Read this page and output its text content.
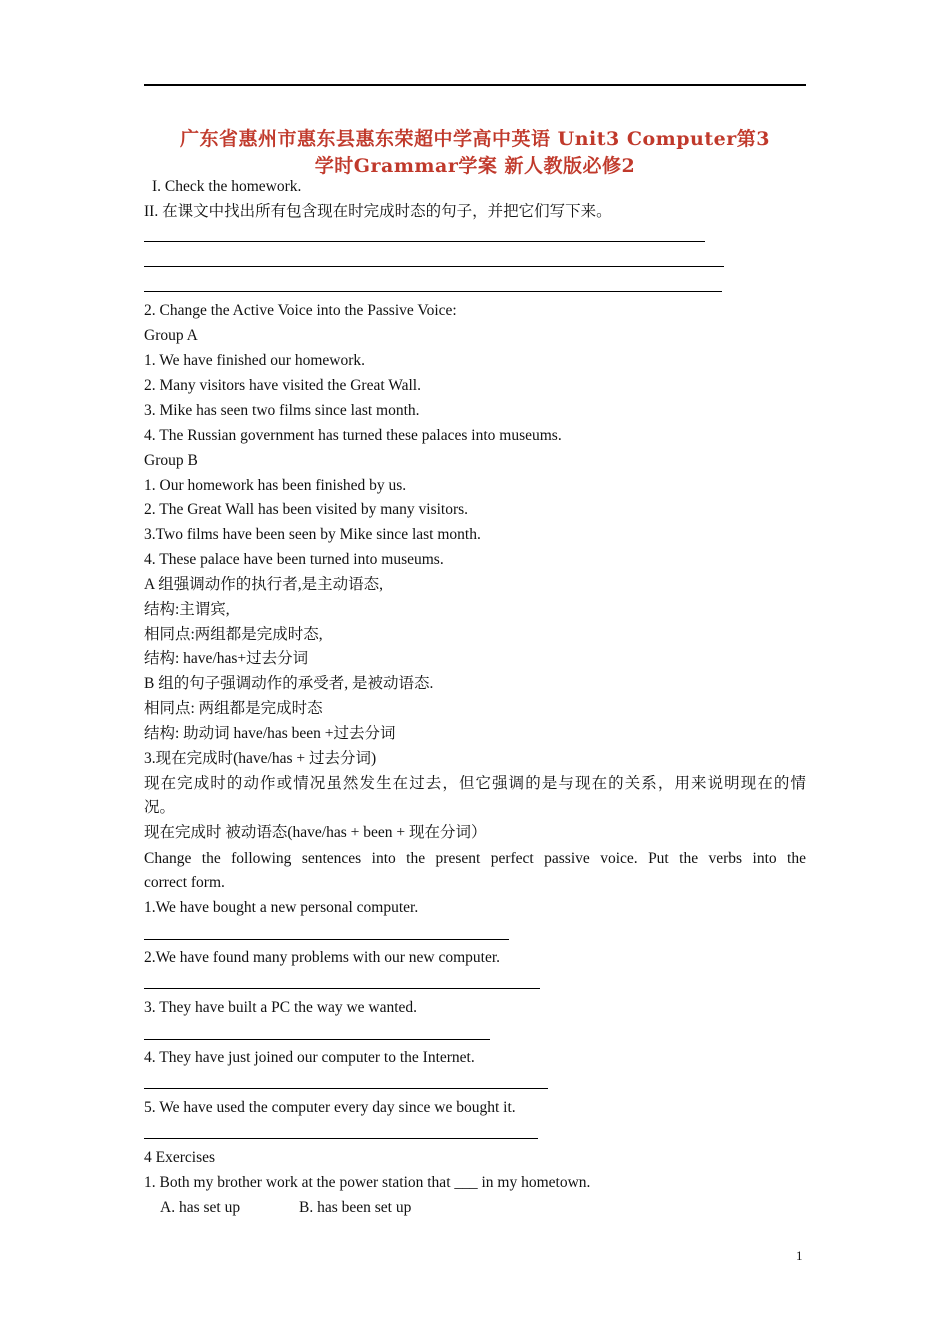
广东省惠州市惠东县惠东荣超中学高中英语 Unit3 Computer第3
学时Grammar学案 新人教版必修2
I. Check the homework.
II. 在课文中找出所有包含现在时完成时态的句子，并把它们写下来。
2. Change the Active Voice into the Passive Voice:
Group A
1. We have finished our homework.
2. Many visitors have visited the Great Wall.
3. Mike has seen two films since last month.
4. The Russian government has turned these palaces into museums.
Group B
1. Our homework has been finished by us.
2. The Great Wall has been visited by many visitors.
3.Two films have been seen by Mike since last month.
4. These palace have been turned into museums.
A 组强调动作的执行者,是主动语态,
结构:主谓宾,
相同点:两组都是完成时态,
结构: have/has+过去分词
B 组的句子强调动作的承受者, 是被动语态.
相同点: 两组都是完成时态
结构: 助动词 have/has been +过去分词
3.现在完成时(have/has + 过去分词)
现在完成时的动作或情况虽然发生在过去，但它强调的是与现在的关系，用来说明现在的情
况。
现在完成时 被动语态(have/has + been + 现在分词）
Change the following sentences into the present perfect passive voice. Put the verbs into the
correct form.
1.We have bought a new personal computer.
2.We have found many problems with our new computer.
3. They have built a PC the way we wanted.
4. They have just joined our computer to the Internet.
5. We have used the computer every day since we bought it.
4 Exercises
1. Both my brother work at the power station that ___ in my hometown.
A. has set up	B. has been set up
1
